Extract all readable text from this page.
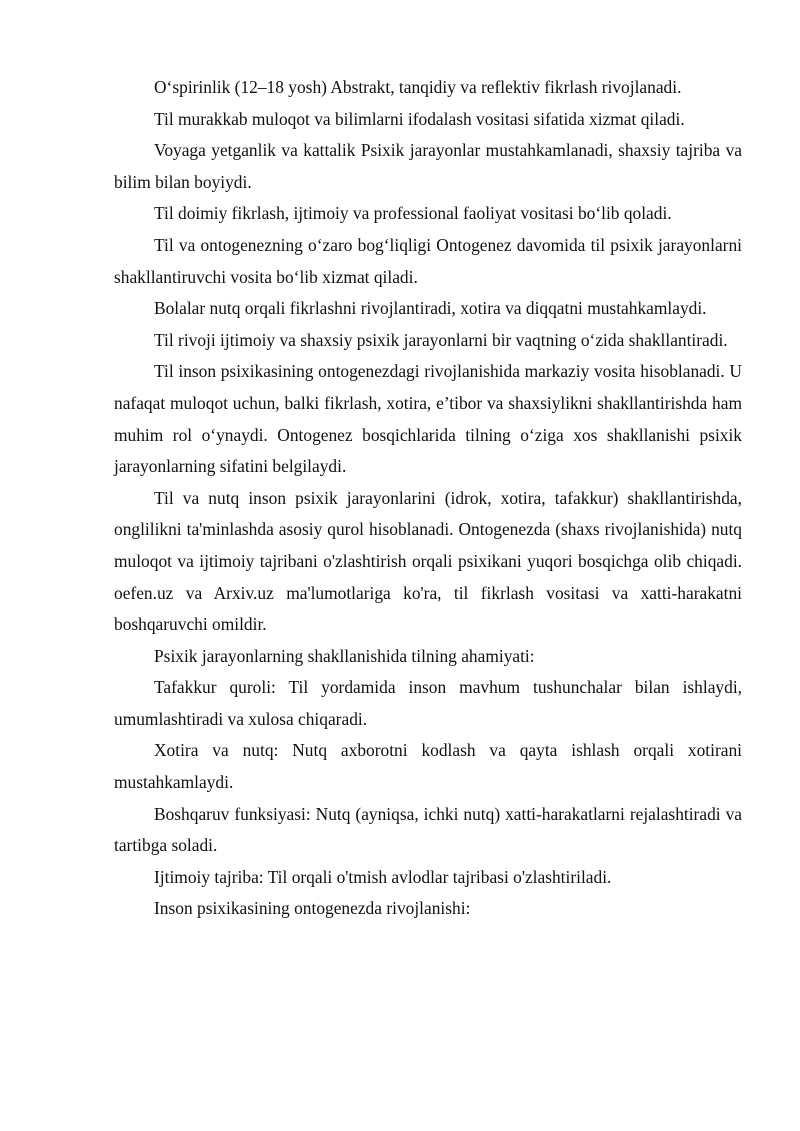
O‘spirinlik (12–18 yosh) Abstrakt, tanqidiy va reflektiv fikrlash rivojlanadi.

Til murakkab muloqot va bilimlarni ifodalash vositasi sifatida xizmat qiladi.

Voyaga yetganlik va kattalik Psixik jarayonlar mustahkamlanadi, shaxsiy tajriba va bilim bilan boyiydi.

Til doimiy fikrlash, ijtimoiy va professional faoliyat vositasi bo‘lib qoladi.

Til va ontogenezning o‘zaro bog‘liqligi Ontogenez davomida til psixik jarayonlarni shakllantiruvchi vosita bo‘lib xizmat qiladi.

Bolalar nutq orqali fikrlashni rivojlantiradi, xotira va diqqatni mustahkamlaydi.

Til rivoji ijtimoiy va shaxsiy psixik jarayonlarni bir vaqtning o‘zida shakllantiradi.

Til inson psixikasining ontogenezdagi rivojlanishida markaziy vosita hisoblanadi. U nafaqat muloqot uchun, balki fikrlash, xotira, e’tibor va shaxsiylikni shakllantirishda ham muhim rol o‘ynaydi. Ontogenez bosqichlarida tilning o‘ziga xos shakllanishi psixik jarayonlarning sifatini belgilaydi.

Til va nutq inson psixik jarayonlarini (idrok, xotira, tafakkur) shakllantirishda, onglilikni ta'minlashda asosiy qurol hisoblanadi. Ontogenezda (shaxs rivojlanishida) nutq muloqot va ijtimoiy tajribani o'zlashtirish orqali psixikani yuqori bosqichga olib chiqadi. oefen.uz va Arxiv.uz ma'lumotlariga ko'ra, til fikrlash vositasi va xatti-harakatni boshqaruvchi omildir.

Psixik jarayonlarning shakllanishida tilning ahamiyati:

Tafakkur quroli: Til yordamida inson mavhum tushunchalar bilan ishlaydi, umumlashtiradi va xulosa chiqaradi.

Xotira va nutq: Nutq axborotni kodlash va qayta ishlash orqali xotirani mustahkamlaydi.

Boshqaruv funksiyasi: Nutq (ayniqsa, ichki nutq) xatti-harakatlarni rejalashtiradi va tartibga soladi.

Ijtimoiy tajriba: Til orqali o'tmish avlodlar tajribasi o'zlashtiriladi.

Inson psixikasining ontogenezda rivojlanishi:
